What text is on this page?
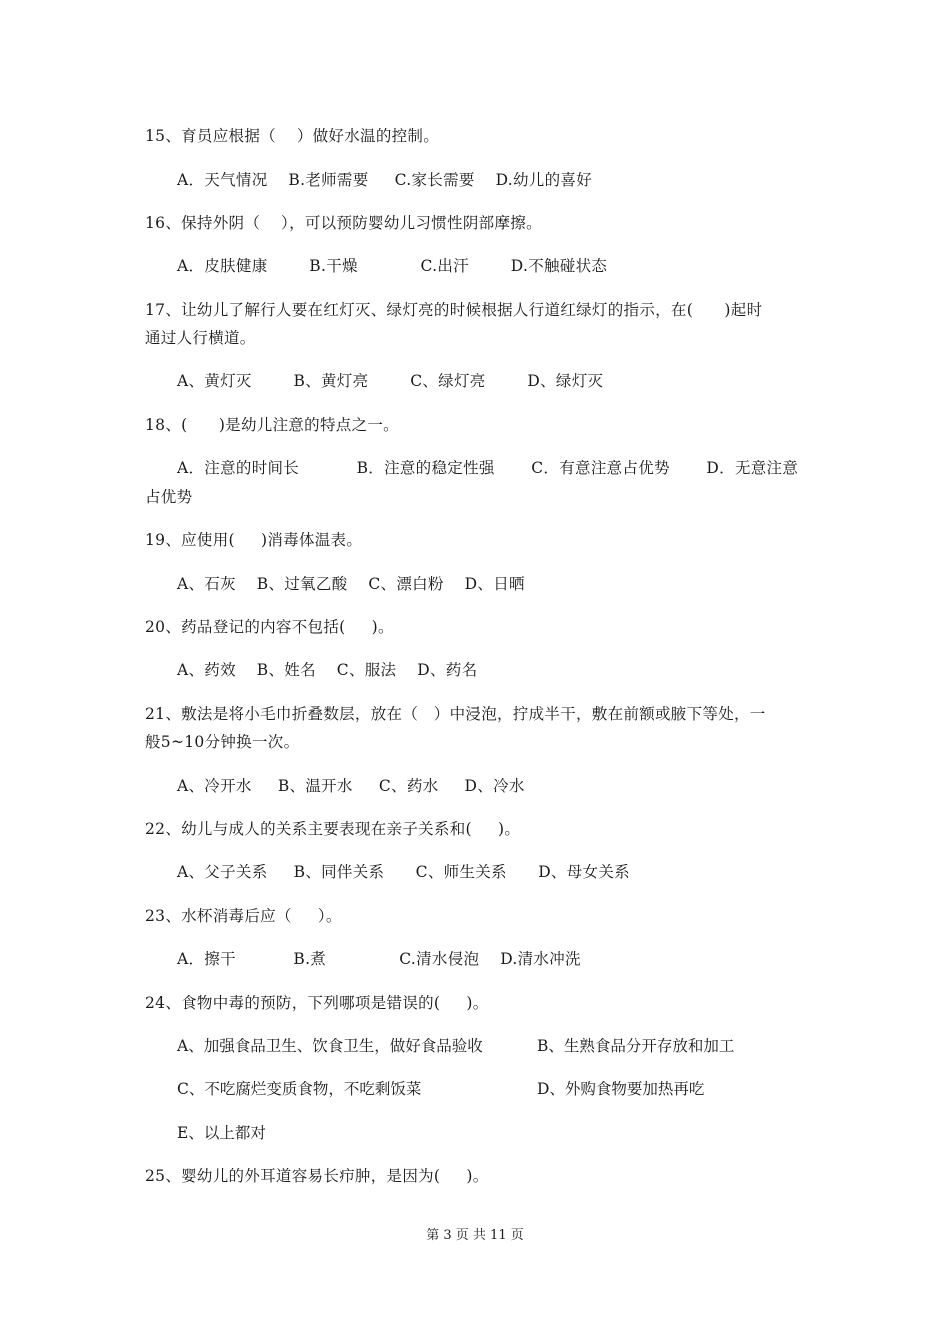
15、育员应根据（    ）做好水温的控制。
A．天气情况    B.老师需要     C.家长需要    D.幼儿的喜好
16、保持外阴（    ），可以预防婴幼儿习惯性阴部摩擦。
A．皮肤健康        B.干燥            C.出汗        D.不触碰状态
17、让幼儿了解行人要在红灯灭、绿灯亮的时候根据人行道红绿灯的指示，在(      )起时
通过人行横道。
A、黄灯灭        B、黄灯亮        C、绿灯亮        D、绿灯灭
18、(      )是幼儿注意的特点之一。
A．注意的时间长           B．注意的稳定性强       C．有意注意占优势       D．无意注意
占优势
19、应使用(     )消毒体温表。
A、石灰    B、过氧乙酸    C、漂白粉    D、日晒
20、药品登记的内容不包括(     )。
A、药效    B、姓名    C、服法    D、药名
21、敷法是将小毛巾折叠数层，放在（   ）中浸泡，拧成半干，敷在前额或腋下等处，一
般5~10分钟换一次。
A、冷开水     B、温开水     C、药水     D、冷水
22、幼儿与成人的关系主要表现在亲子关系和(     )。
A、父子关系     B、同伴关系      C、师生关系      D、母女关系
23、水杯消毒后应（     ）。
A．擦干           B.煮              C.清水侵泡    D.清水冲洗
24、食物中毒的预防，下列哪项是错误的(     )。
A、加强食品卫生、饮食卫生，做好食品验收	B、生熟食品分开存放和加工
C、不吃腐烂变质食物，不吃剩饭菜	D、外购食物要加热再吃
E、以上都对
25、婴幼儿的外耳道容易长疖肿，是因为(     )。
第 3 页 共 11 页
